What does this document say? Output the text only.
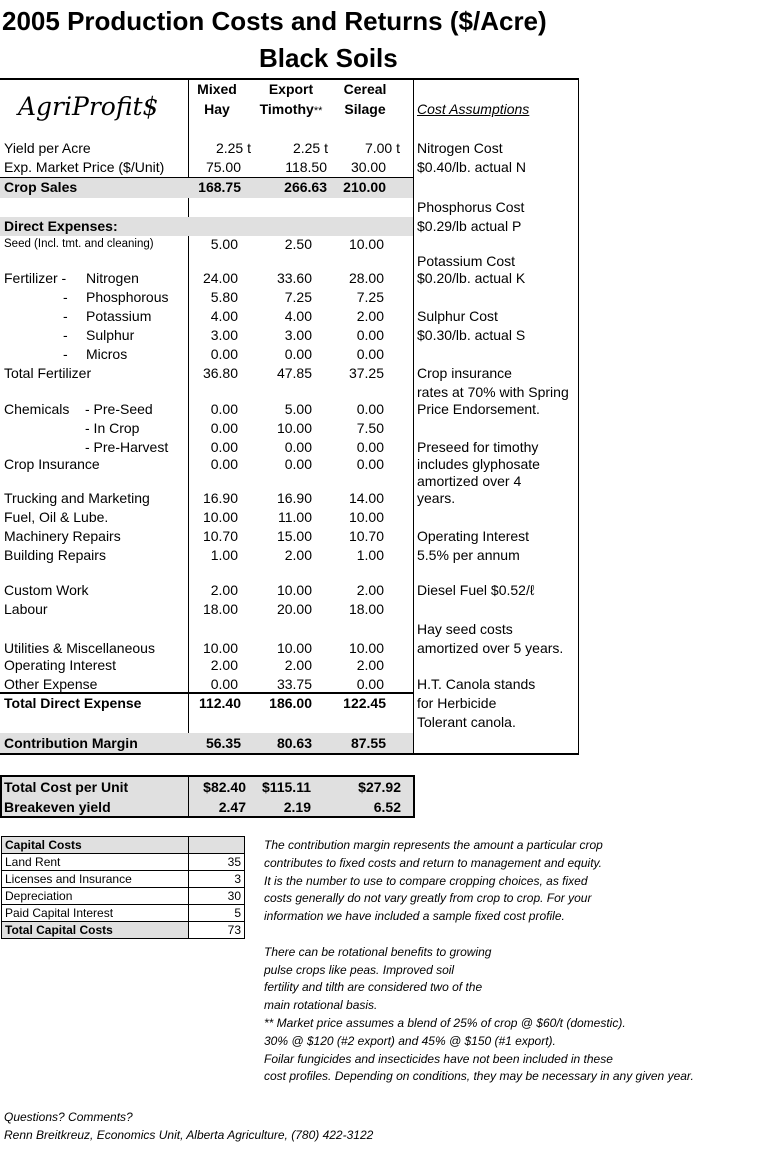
2005 Production Costs and Returns ($/Acre)
Black Soils
AgriProfit$
Mixed
Hay
Export
Timothy**
Cereal
Silage	Cost Assumptions
Yield per Acre	2.25 t	2.25 t	7.00 t
Exp. Market Price ($/Unit)	75.00	118.50 30.00
Crop Sales	168.75	266.63 210.00
Direct Expenses:
Seed (Incl. tmt. and cleaning)	5.00	2.50	10.00
Fertilizer - Nitrogen	24.00	33.60	28.00
- Phosphorous	5.80	7.25	7.25
- Potassium	4.00	4.00	2.00
- Sulphur	3.00	3.00	0.00
- Micros	0.00	0.00	0.00
Total Fertilizer	36.80	47.85	37.25
Chemicals - Pre-Seed	0.00	5.00	0.00
- In Crop	0.00	10.00	7.50
- Pre-Harvest	0.00	0.00	0.00
Crop Insurance	0.00	0.00	0.00
Trucking and Marketing	16.90	16.90	14.00
Fuel, Oil & Lube.	10.00	11.00	10.00
Machinery Repairs	10.70	15.00	10.70
Building Repairs	1.00	2.00	1.00
Custom Work	2.00	10.00	2.00
Labour	18.00	20.00	18.00
Utilities & Miscellaneous	10.00	10.00	10.00
Operating Interest	2.00	2.00	2.00
Other Expense	0.00	33.75	0.00
Total Direct Expense	112.40 186.00 122.45
Contribution Margin	56.35	80.63	87.55
Nitrogen Cost
$0.40/lb. actual N
Phosphorus Cost
$0.29/lb actual P
Potassium Cost
$0.20/lb. actual K
Sulphur Cost
$0.30/lb. actual S
Crop insurance
rates at 70% with Spring
Price Endorsement.
Preseed for timothy
includes glyphosate
amortized over 4
years.
Operating Interest
5.5% per annum
Diesel Fuel $0.52/ℓ
Hay seed costs
amortized over 5 years.
H.T. Canola stands
for Herbicide
Tolerant canola.
Total Cost per Unit	$82.40 $115.11	$27.92
Breakeven yield	2.47	2.19	6.52
Capital Costs	
Land Rent	35
Licenses and Insurance	3
Depreciation	30
Paid Capital Interest	5
Total Capital Costs	73
The contribution margin represents the amount a particular crop
contributes to fixed costs and return to management and equity.
It is the number to use to compare cropping choices, as fixed
costs generally do not vary greatly from crop to crop. For your
information we have included a sample fixed cost profile.
There can be rotational benefits to growing
pulse crops like peas. Improved soil
fertility and tilth are considered two of the
main rotational basis.
** Market price assumes a blend of 25% of crop @ $60/t (domestic).
30% @ $120 (#2 export) and 45% @ $150 (#1 export).
Foilar fungicides and insecticides have not been included in these
cost profiles. Depending on conditions, they may be necessary in any given year.
Questions? Comments?
Renn Breitkreuz, Economics Unit, Alberta Agriculture, (780) 422-3122
